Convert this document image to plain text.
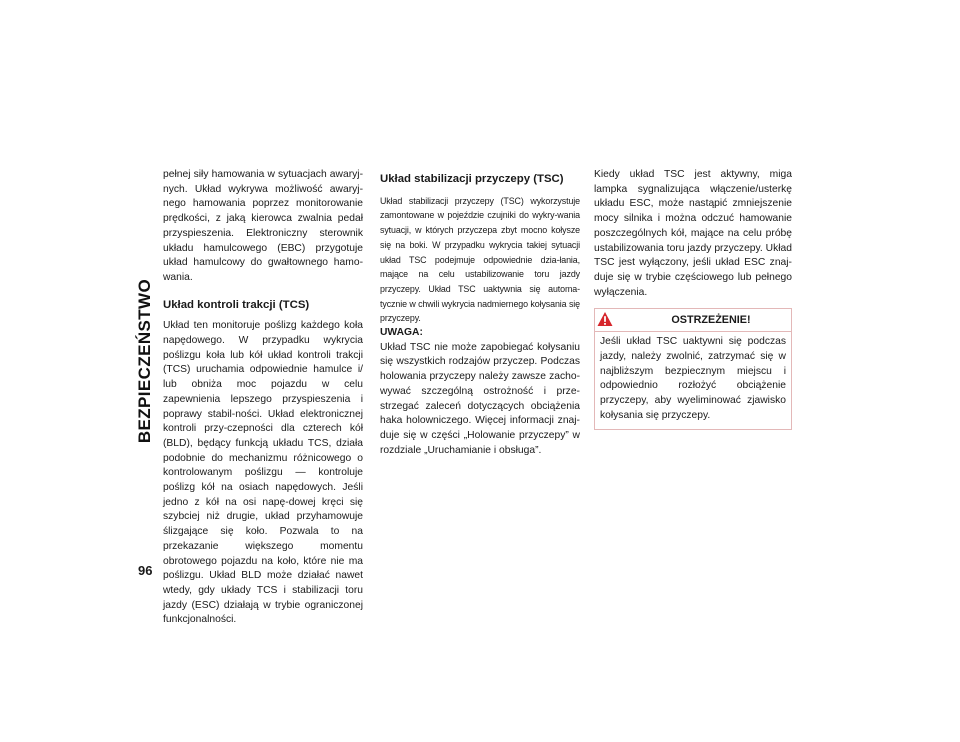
BEZPIECZEŃSTWO
96

pełnej siły hamowania w sytuacjach awaryj-nych. Układ wykrywa możliwość awaryj-nego hamowania poprzez monitorowanie prędkości, z jaką kierowca zwalnia pedał przyspieszenia. Elektroniczny sterownik układu hamulcowego (EBC) przygotuje układ hamulcowy do gwałtownego hamo-wania.

Układ kontroli trakcji (TCS)

Układ ten monitoruje poślizg każdego koła napędowego. W przypadku wykrycia poślizgu koła lub kół układ kontroli trakcji (TCS) uruchamia odpowiednie hamulce i/ lub obniża moc pojazdu w celu zapewnienia lepszego przyspieszenia i poprawy stabil-ności. Układ elektronicznej kontroli przy-czepności dla czterech kół (BLD), będący funkcją układu TCS, działa podobnie do mechanizmu różnicowego o kontrolowanym poślizgu — kontroluje poślizg kół na osiach napędowych. Jeśli jedno z kół na osi napę-dowej kręci się szybciej niż drugie, układ przyhamowuje ślizgające się koło. Pozwala to na przekazanie większego momentu obrotowego pojazdu na koło, które nie ma poślizgu. Układ BLD może działać nawet wtedy, gdy układy TCS i stabilizacji toru jazdy (ESC) działają w trybie ograniczonej funkcjonalności.

Układ stabilizacji przyczepy (TSC)

Układ stabilizacji przyczepy (TSC) wykorzystuje zamontowane w pojeździe czujniki do wykry-wania sytuacji, w których przyczepa zbyt mocno kołysze się na boki. W przypadku wykrycia takiej sytuacji układ TSC podejmuje odpowiednie dzia-łania, mające na celu ustabilizowanie toru jazdy przyczepy. Układ TSC uaktywnia się automa-tycznie w chwili wykrycia nadmiernego kołysania się przyczepy.

UWAGA:

Układ TSC nie może zapobiegać kołysaniu się wszystkich rodzajów przyczep. Podczas holowania przyczepy należy zawsze zacho-wywać szczególną ostrożność i prze-strzegać zaleceń dotyczących obciążenia haka holowniczego. Więcej informacji znaj-duje się w części „Holowanie przyczepy” w rozdziale „Uruchamianie i obsługa”.

Kiedy układ TSC jest aktywny, miga lampka sygnalizująca włączenie/usterkę układu ESC, może nastąpić zmniejszenie mocy silnika i można odczuć hamowanie poszczególnych kół, mające na celu próbę ustabilizowania toru jazdy przyczepy. Układ TSC jest wyłączony, jeśli układ ESC znaj-duje się w trybie częściowego lub pełnego wyłączenia.

OSTRZEŻENIE!

Jeśli układ TSC uaktywni się podczas jazdy, należy zwolnić, zatrzymać się w najbliższym bezpiecznym miejscu i odpowiednio rozłożyć obciążenie przyczepy, aby wyeliminować zjawisko kołysania się przyczepy.
